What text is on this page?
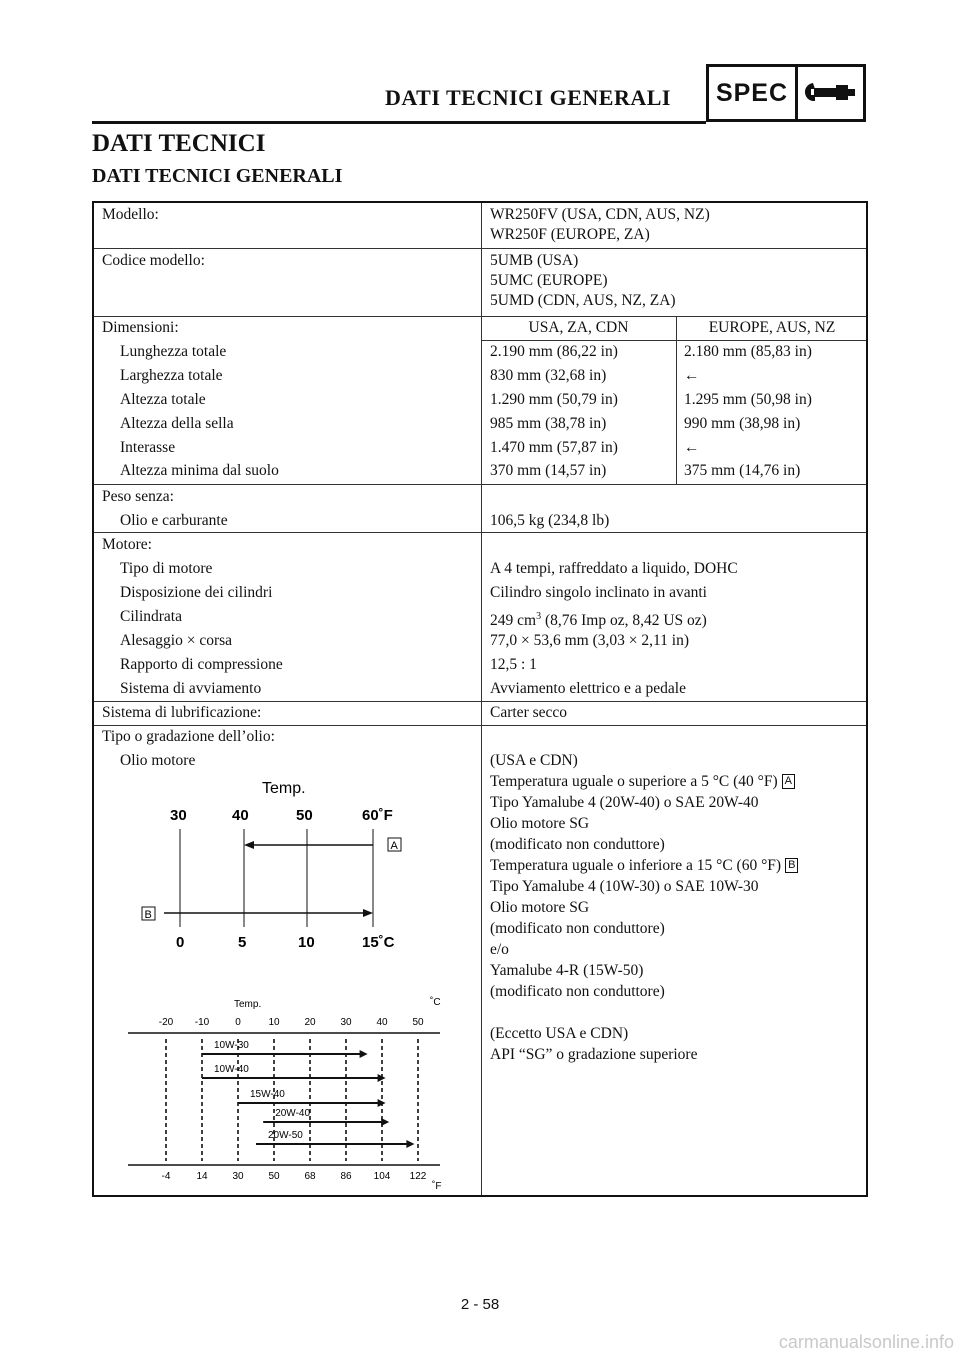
DATI TECNICI GENERALI SPEC
DATI TECNICI
DATI TECNICI GENERALI
Modello:	WR250FV (USA, CDN, AUS, NZ)
WR250F (EUROPE, ZA)
Codice modello:	5UMB (USA)
5UMC (EUROPE)
5UMD (CDN, AUS, NZ, ZA)
Dimensioni:	USA, ZA, CDN	EUROPE, AUS, NZ
Lunghezza totale	2.190 mm (86,22 in)	2.180 mm (85,83 in)
Larghezza totale	830 mm (32,68 in)	←
Altezza totale	1.290 mm (50,79 in)	1.295 mm (50,98 in)
Altezza della sella	985 mm (38,78 in)	990 mm (38,98 in)
Interasse	1.470 mm (57,87 in)	←
Altezza minima dal suolo	370 mm (14,57 in)	375 mm (14,76 in)
Peso senza:
Olio e carburante	106,5 kg (234,8 lb)
Motore:
Tipo di motore	A 4 tempi, raffreddato a liquido, DOHC
Disposizione dei cilindri	Cilindro singolo inclinato in avanti
Cilindrata	249 $cm^3$ (8,76 Imp oz, 8,42 US oz)
Alesaggio × corsa	77,0 × 53,6 mm (3,03 × 2,11 in)
Rapporto di compressione	12,5 : 1
Sistema di avviamento	Avviamento elettrico e a pedale
Sistema di lubrificazione:	Carter secco
Tipo o gradazione dell’olio:
Olio motore	(USA e CDN)
Temperatura uguale o superiore a 5 °C (40 °F) A
Tipo Yamalube 4 (20W-40) o SAE 20W-40
Olio motore SG
(modificato non conduttore)
Temperatura uguale o inferiore a 15 °C (60 °F) B
Tipo Yamalube 4 (10W-30) o SAE 10W-30
Olio motore SG
(modificato non conduttore)
e/o
Yamalube 4-R (15W-50)
(modificato non conduttore)
(Eccetto USA e CDN)
API “SG” o gradazione superiore
Temp.
30	40	50	60˚F
A
B
0	5	10	15˚C
Temp.	˚C
-20 -10	0	10 20 30 40 50
10W-30
10W-40
15W-40
20W-40
20W-50
-4	14 30 50 68 86 104 122
˚F
2 - 58
carmanualsonline.info
